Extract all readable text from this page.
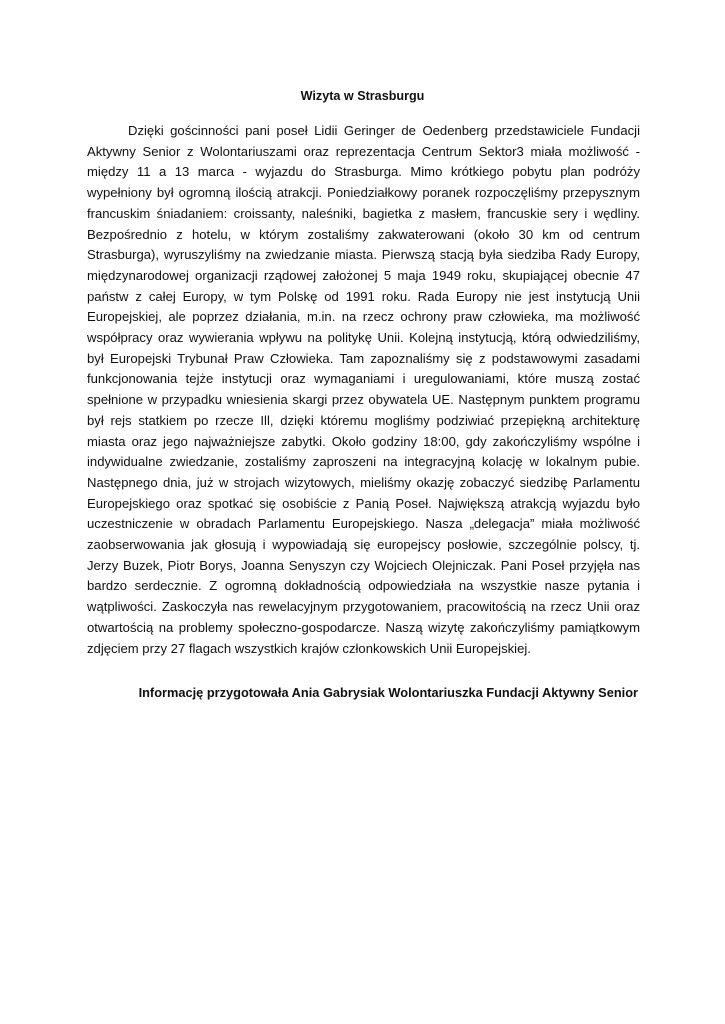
Wizyta w Strasburgu

Dzięki gościnności pani poseł Lidii Geringer de Oedenberg przedstawiciele Fundacji Aktywny Senior z Wolontariuszami oraz reprezentacja Centrum Sektor3 miała możliwość - między 11 a 13 marca - wyjazdu do Strasburga. Mimo krótkiego pobytu plan podróży wypełniony był ogromną ilością atrakcji. Poniedziałkowy poranek rozpoczęliśmy przepysznym francuskim śniadaniem: croissanty, naleśniki, bagietka z masłem, francuskie sery i wędliny. Bezpośrednio z hotelu, w którym zostaliśmy zakwaterowani (około 30 km od centrum Strasburga), wyruszyliśmy na zwiedzanie miasta. Pierwszą stacją była siedziba Rady Europy, międzynarodowej organizacji rządowej założonej 5 maja 1949 roku, skupiającej obecnie 47 państw z całej Europy, w tym Polskę od 1991 roku. Rada Europy nie jest instytucją Unii Europejskiej, ale poprzez działania, m.in. na rzecz ochrony praw człowieka, ma możliwość współpracy oraz wywierania wpływu na politykę Unii. Kolejną instytucją, którą odwiedziliśmy, był Europejski Trybunał Praw Człowieka. Tam zapoznaliśmy się z podstawowymi zasadami funkcjonowania tejże instytucji oraz wymaganiami i uregulowaniami, które muszą zostać spełnione w przypadku wniesienia skargi przez obywatela UE. Następnym punktem programu był rejs statkiem po rzecze Ill, dzięki któremu mogliśmy podziwiać przepiękną architekturę miasta oraz jego najważniejsze zabytki. Około godziny 18:00, gdy zakończyliśmy wspólne i indywidualne zwiedzanie, zostaliśmy zaproszeni na integracyjną kolację w lokalnym pubie. Następnego dnia, już w strojach wizytowych, mieliśmy okazję zobaczyć siedzibę Parlamentu Europejskiego oraz spotkać się osobiście z Panią Poseł. Największą atrakcją wyjazdu było uczestniczenie w obradach Parlamentu Europejskiego. Nasza „delegacja” miała możliwość zaobserwowania jak głosują i wypowiadają się europejscy posłowie, szczególnie polscy, tj. Jerzy Buzek, Piotr Borys, Joanna Senyszyn czy Wojciech Olejniczak. Pani Poseł przyjęła nas bardzo serdecznie. Z ogromną dokładnością odpowiedziała na wszystkie nasze pytania i wątpliwości. Zaskoczyła nas rewelacyjnym przygotowaniem, pracowitością na rzecz Unii oraz otwartością na problemy społeczno-gospodarcze. Naszą wizytę zakończyliśmy pamiątkowym zdjęciem przy 27 flagach wszystkich krajów członkowskich Unii Europejskiej.

Informację przygotowała Ania Gabrysiak Wolontariuszka Fundacji Aktywny Senior
